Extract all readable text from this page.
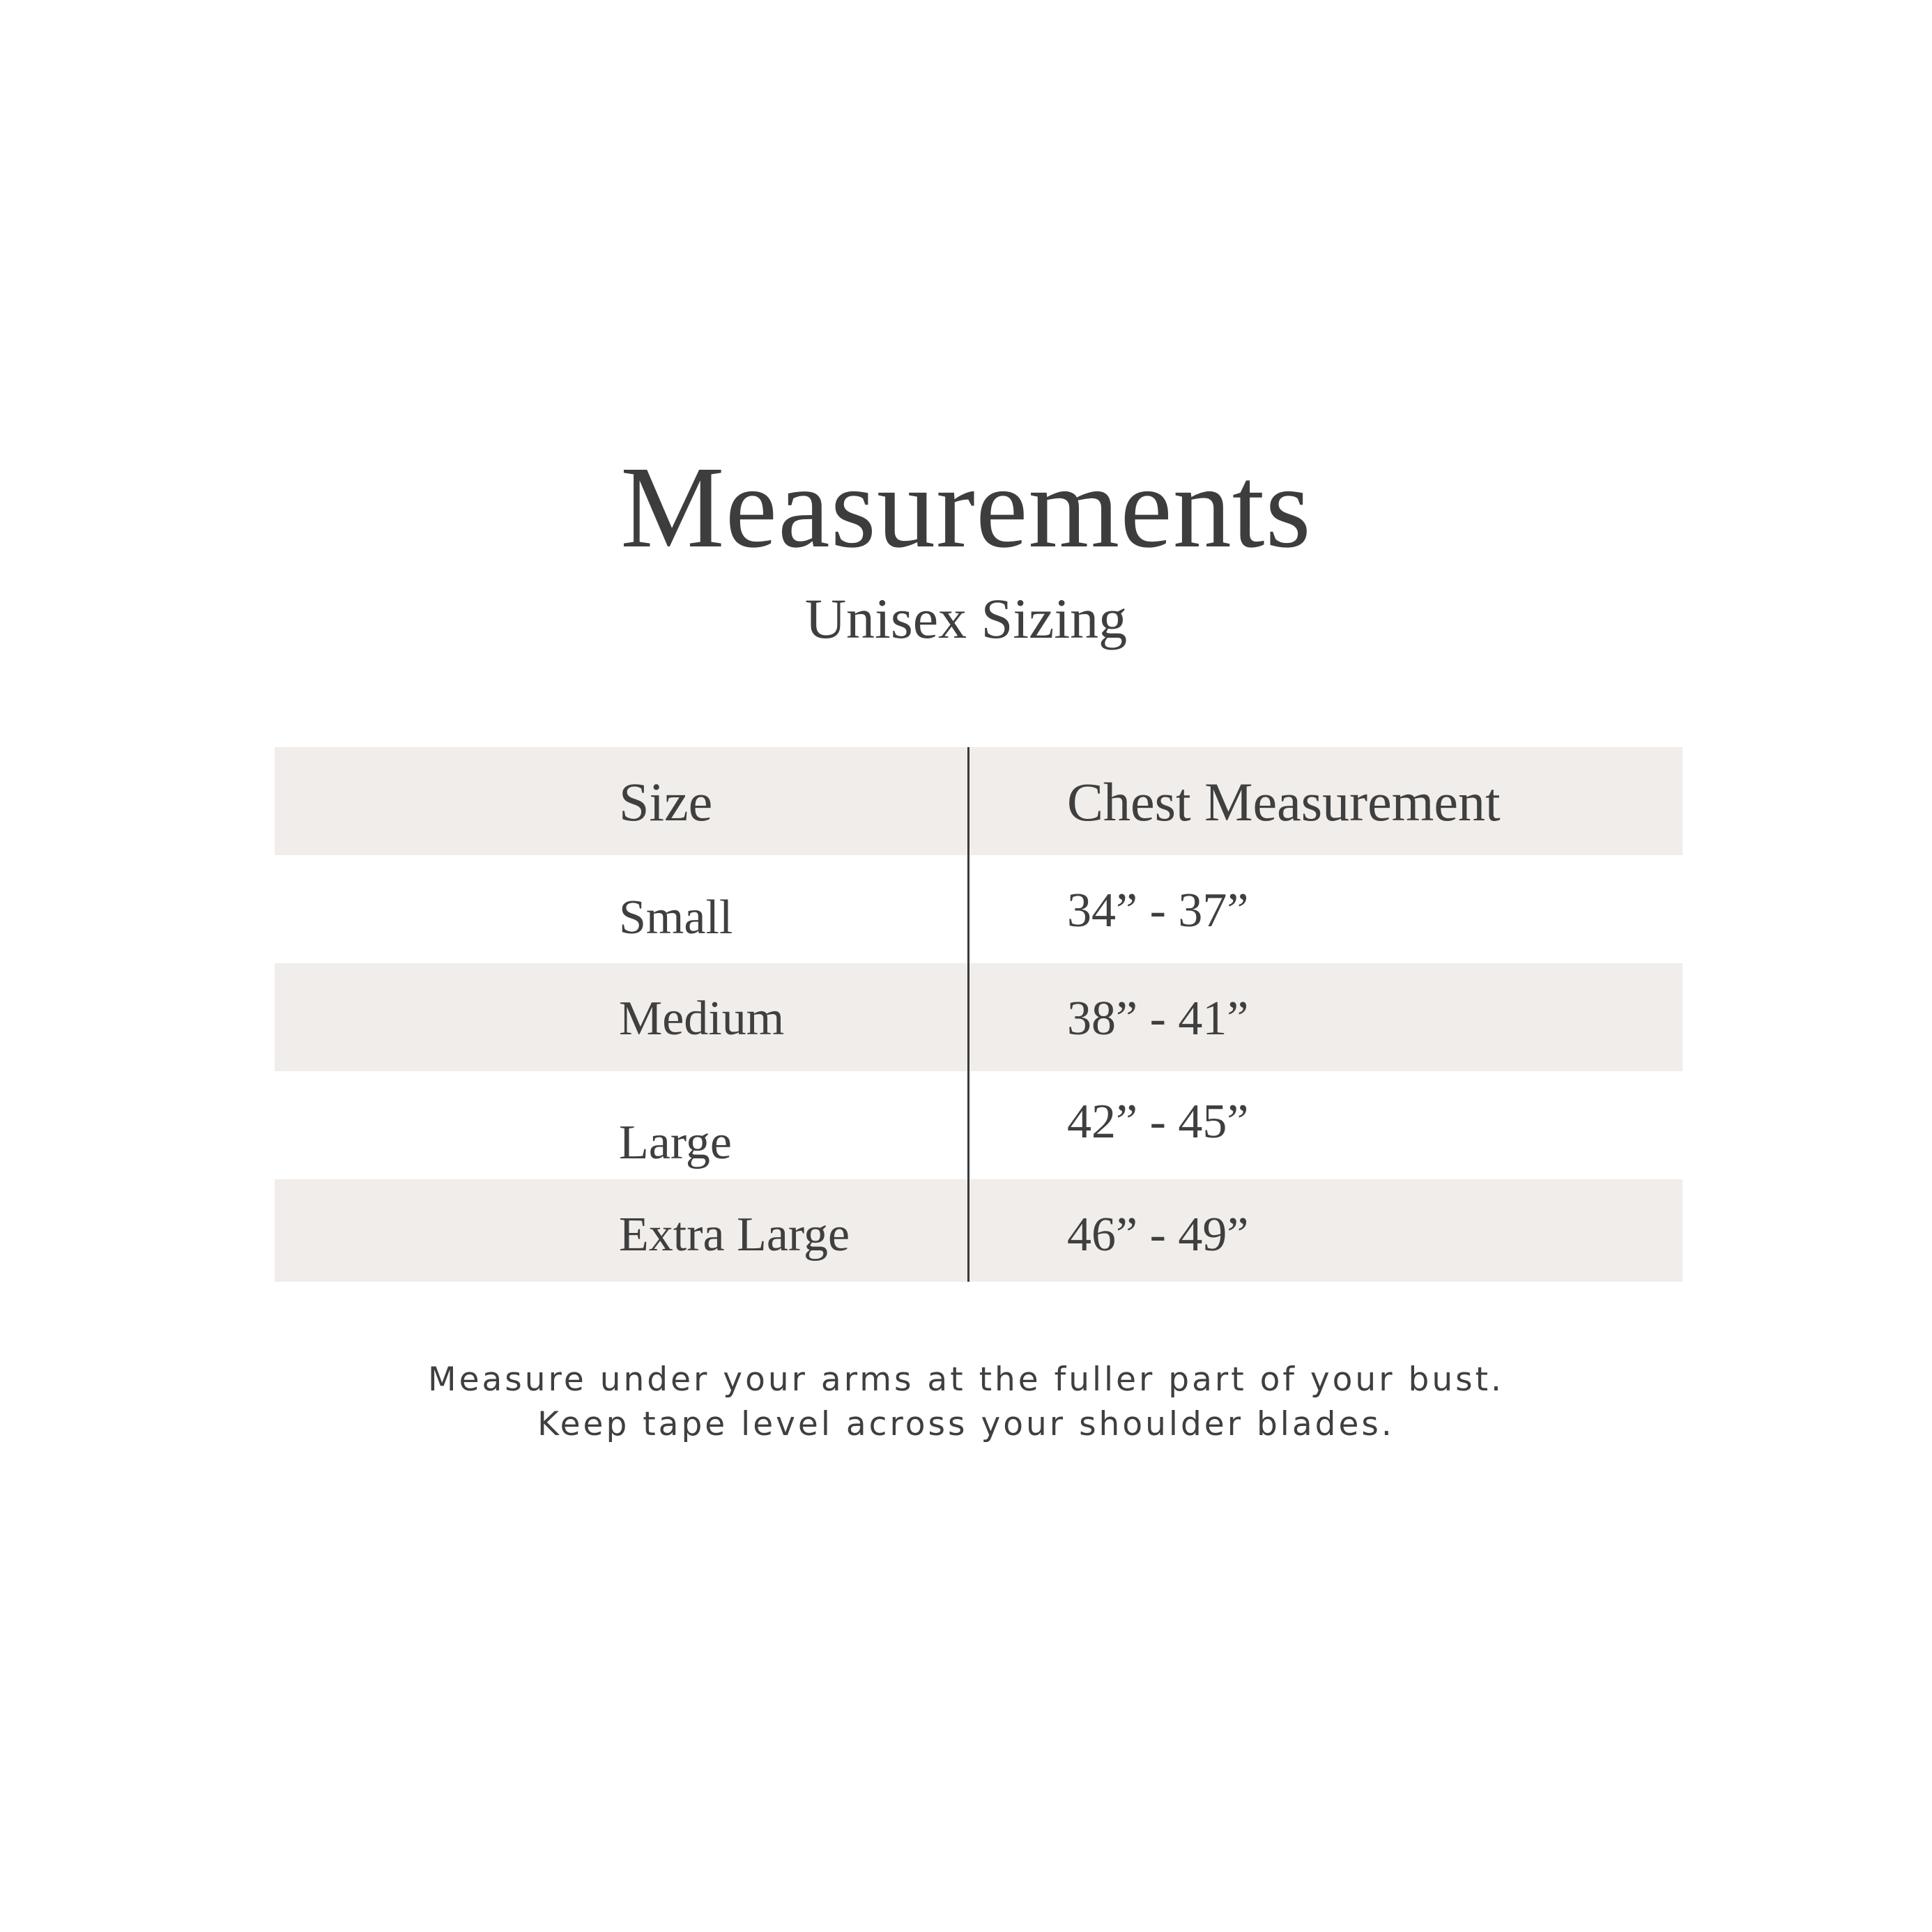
Measurements
Unisex Sizing
Size	Chest Measurement
Small	34” - 37”
Medium	38” - 41”
Large	42” - 45”
Extra Large	46” - 49”
Measure under your arms at the fuller part of your bust.
Keep tape level across your shoulder blades.
